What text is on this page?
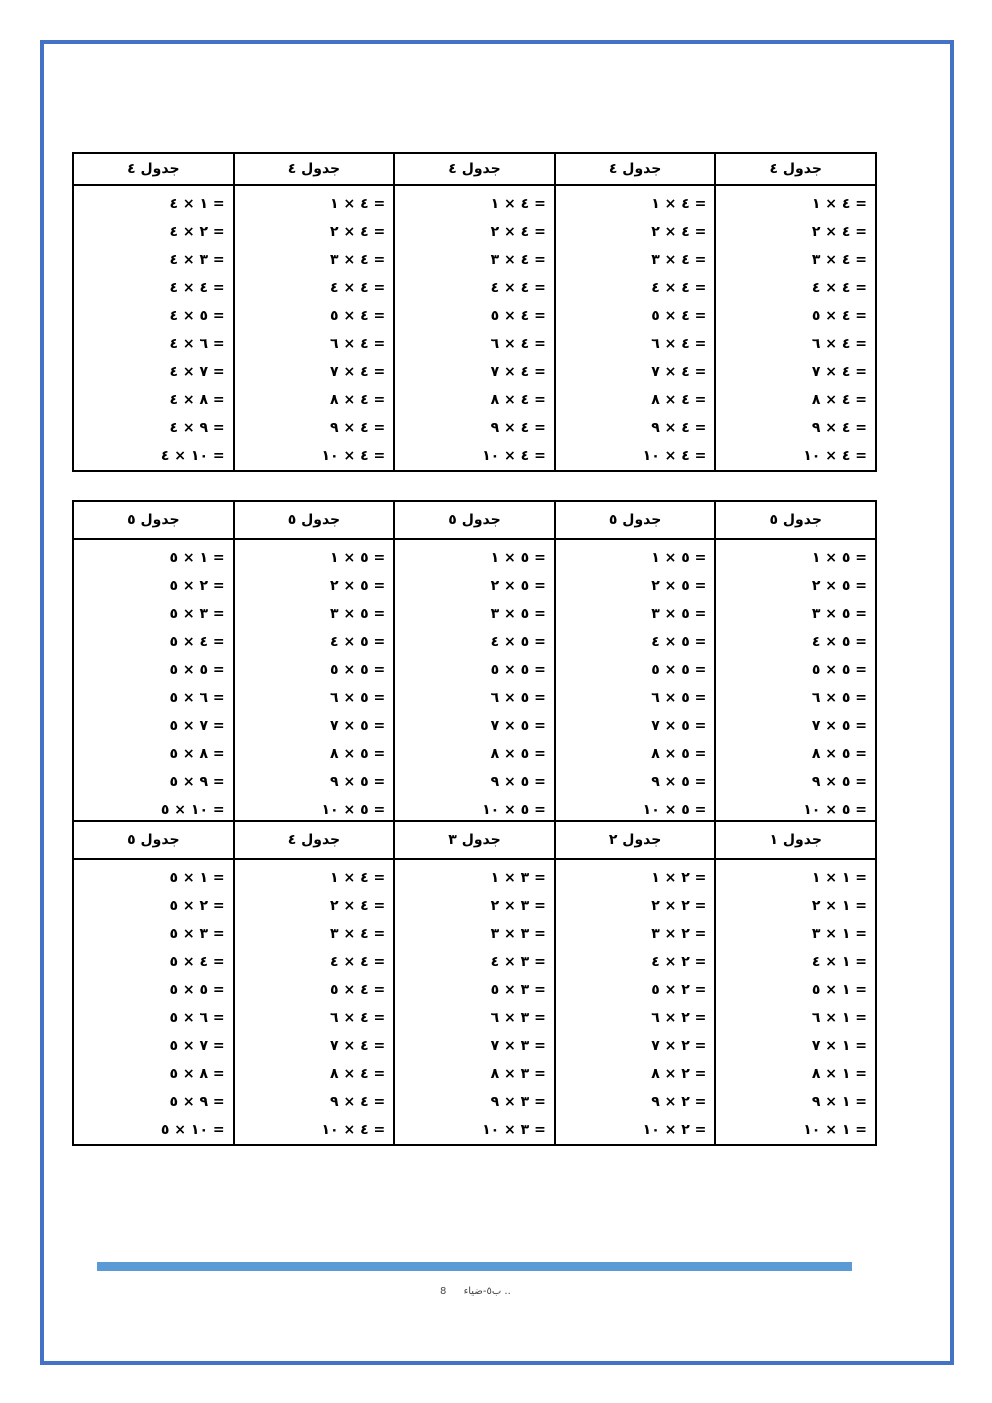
جدول ٤
جدول ٤
جدول ٤
جدول ٤
جدول ٤
٤ × ١ =
٤ × ٢ =
٤ × ٣ =
٤ × ٤ =
٤ × ٥ =
٤ × ٦ =
٤ × ٧ =
٤ × ٨ =
٤ × ٩ =
٤ × ١٠ =
٤ × ١ =
٤ × ٢ =
٤ × ٣ =
٤ × ٤ =
٤ × ٥ =
٤ × ٦ =
٤ × ٧ =
٤ × ٨ =
٤ × ٩ =
٤ × ١٠ =
٤ × ١ =
٤ × ٢ =
٤ × ٣ =
٤ × ٤ =
٤ × ٥ =
٤ × ٦ =
٤ × ٧ =
٤ × ٨ =
٤ × ٩ =
٤ × ١٠ =
٤ × ١ =
٤ × ٢ =
٤ × ٣ =
٤ × ٤ =
٤ × ٥ =
٤ × ٦ =
٤ × ٧ =
٤ × ٨ =
٤ × ٩ =
٤ × ١٠ =
١ × ٤ =
٢ × ٤ =
٣ × ٤ =
٤ × ٤ =
٥ × ٤ =
٦ × ٤ =
٧ × ٤ =
٨ × ٤ =
٩ × ٤ =
١٠ × ٤ =
جدول ٥
جدول ٥
جدول ٥
جدول ٥
جدول ٥
٥ × ١ =
٥ × ٢ =
٥ × ٣ =
٥ × ٤ =
٥ × ٥ =
٥ × ٦ =
٥ × ٧ =
٥ × ٨ =
٥ × ٩ =
٥ × ١٠ =
٥ × ١ =
٥ × ٢ =
٥ × ٣ =
٥ × ٤ =
٥ × ٥ =
٥ × ٦ =
٥ × ٧ =
٥ × ٨ =
٥ × ٩ =
٥ × ١٠ =
٥ × ١ =
٥ × ٢ =
٥ × ٣ =
٥ × ٤ =
٥ × ٥ =
٥ × ٦ =
٥ × ٧ =
٥ × ٨ =
٥ × ٩ =
٥ × ١٠ =
٥ × ١ =
٥ × ٢ =
٥ × ٣ =
٥ × ٤ =
٥ × ٥ =
٥ × ٦ =
٥ × ٧ =
٥ × ٨ =
٥ × ٩ =
٥ × ١٠ =
١ × ٥ =
٢ × ٥ =
٣ × ٥ =
٤ × ٥ =
٥ × ٥ =
٦ × ٥ =
٧ × ٥ =
٨ × ٥ =
٩ × ٥ =
١٠ × ٥ =
جدول ١
جدول ٢
جدول ٣
جدول ٤
جدول ٥
١ × ١ =
١ × ٢ =
١ × ٣ =
١ × ٤ =
١ × ٥ =
١ × ٦ =
١ × ٧ =
١ × ٨ =
١ × ٩ =
١ × ١٠ =
٢ × ١ =
٢ × ٢ =
٢ × ٣ =
٢ × ٤ =
٢ × ٥ =
٢ × ٦ =
٢ × ٧ =
٢ × ٨ =
٢ × ٩ =
٢ × ١٠ =
٣ × ١ =
٣ × ٢ =
٣ × ٣ =
٣ × ٤ =
٣ × ٥ =
٣ × ٦ =
٣ × ٧ =
٣ × ٨ =
٣ × ٩ =
٣ × ١٠ =
٤ × ١ =
٤ × ٢ =
٤ × ٣ =
٤ × ٤ =
٤ × ٥ =
٤ × ٦ =
٤ × ٧ =
٤ × ٨ =
٤ × ٩ =
٤ × ١٠ =
١ × ٥ =
٢ × ٥ =
٣ × ٥ =
٤ × ٥ =
٥ × ٥ =
٦ × ٥ =
٧ × ٥ =
٨ × ٥ =
٩ × ٥ =
١٠ × ٥ =
8 ب٥-ضياء ..
